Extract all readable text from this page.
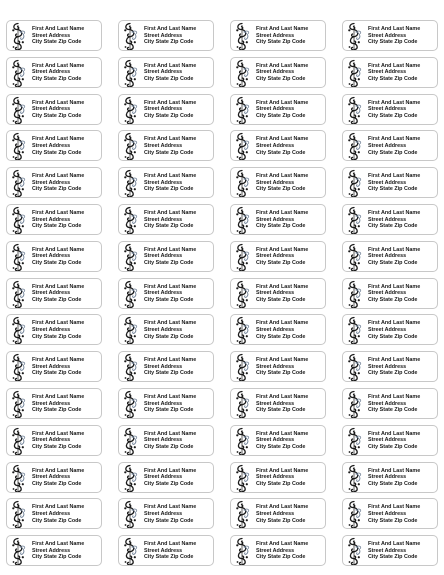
First And Last Name
Street Address
City State Zip Code
First And Last Name
Street Address
City State Zip Code
First And Last Name
Street Address
City State Zip Code
First And Last Name
Street Address
City State Zip Code
First And Last Name
Street Address
City State Zip Code
First And Last Name
Street Address
City State Zip Code
First And Last Name
Street Address
City State Zip Code
First And Last Name
Street Address
City State Zip Code
First And Last Name
Street Address
City State Zip Code
First And Last Name
Street Address
City State Zip Code
First And Last Name
Street Address
City State Zip Code
First And Last Name
Street Address
City State Zip Code
First And Last Name
Street Address
City State Zip Code
First And Last Name
Street Address
City State Zip Code
First And Last Name
Street Address
City State Zip Code
First And Last Name
Street Address
City State Zip Code
First And Last Name
Street Address
City State Zip Code
First And Last Name
Street Address
City State Zip Code
First And Last Name
Street Address
City State Zip Code
First And Last Name
Street Address
City State Zip Code
First And Last Name
Street Address
City State Zip Code
First And Last Name
Street Address
City State Zip Code
First And Last Name
Street Address
City State Zip Code
First And Last Name
Street Address
City State Zip Code
First And Last Name
Street Address
City State Zip Code
First And Last Name
Street Address
City State Zip Code
First And Last Name
Street Address
City State Zip Code
First And Last Name
Street Address
City State Zip Code
First And Last Name
Street Address
City State Zip Code
First And Last Name
Street Address
City State Zip Code
First And Last Name
Street Address
City State Zip Code
First And Last Name
Street Address
City State Zip Code
First And Last Name
Street Address
City State Zip Code
First And Last Name
Street Address
City State Zip Code
First And Last Name
Street Address
City State Zip Code
First And Last Name
Street Address
City State Zip Code
First And Last Name
Street Address
City State Zip Code
First And Last Name
Street Address
City State Zip Code
First And Last Name
Street Address
City State Zip Code
First And Last Name
Street Address
City State Zip Code
First And Last Name
Street Address
City State Zip Code
First And Last Name
Street Address
City State Zip Code
First And Last Name
Street Address
City State Zip Code
First And Last Name
Street Address
City State Zip Code
First And Last Name
Street Address
City State Zip Code
First And Last Name
Street Address
City State Zip Code
First And Last Name
Street Address
City State Zip Code
First And Last Name
Street Address
City State Zip Code
First And Last Name
Street Address
City State Zip Code
First And Last Name
Street Address
City State Zip Code
First And Last Name
Street Address
City State Zip Code
First And Last Name
Street Address
City State Zip Code
First And Last Name
Street Address
City State Zip Code
First And Last Name
Street Address
City State Zip Code
First And Last Name
Street Address
City State Zip Code
First And Last Name
Street Address
City State Zip Code
First And Last Name
Street Address
City State Zip Code
First And Last Name
Street Address
City State Zip Code
First And Last Name
Street Address
City State Zip Code
First And Last Name
Street Address
City State Zip Code
